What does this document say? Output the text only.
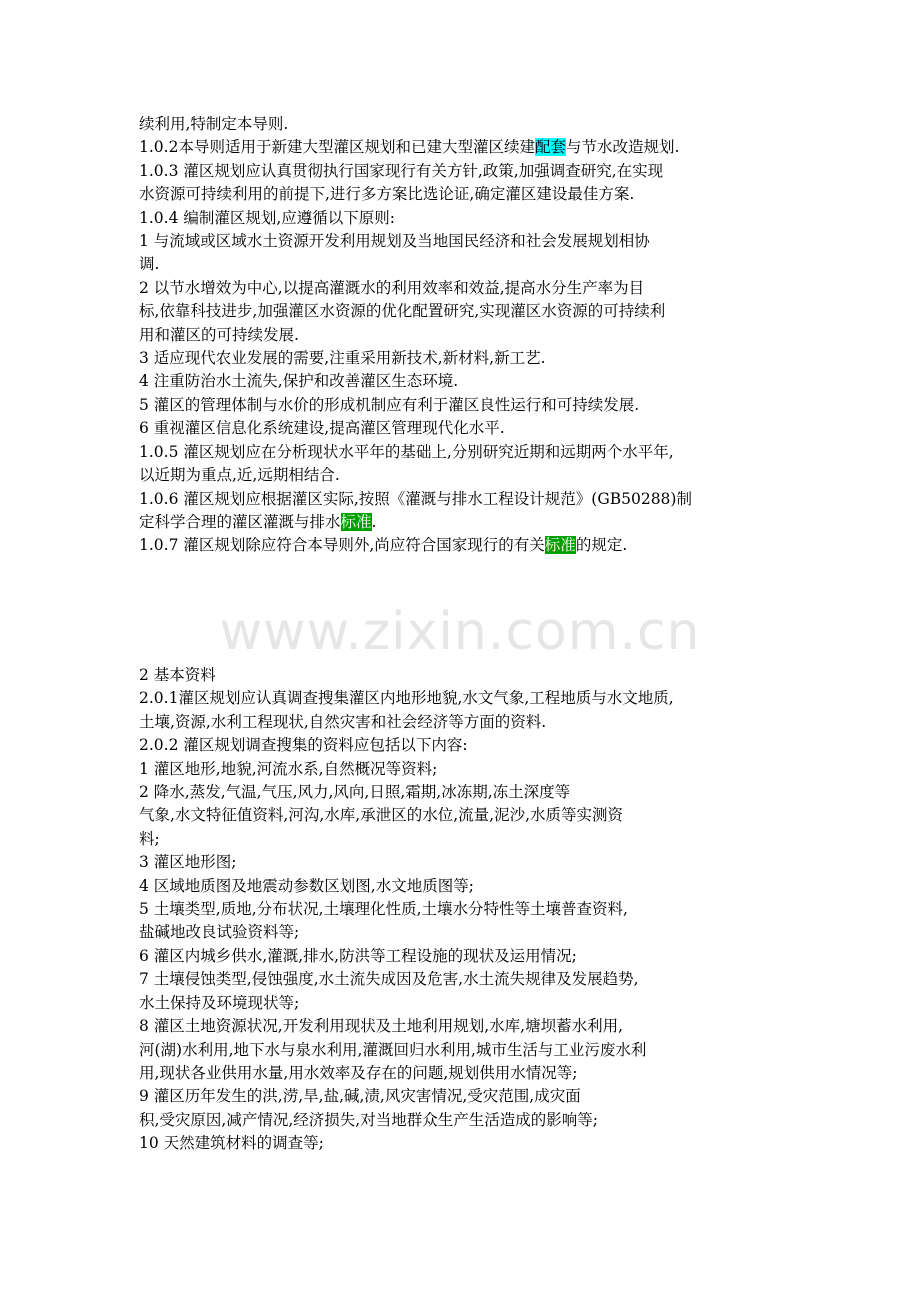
www.zixin.com.cn
续利用,特制定本导则.
1.0.2本导则适用于新建大型灌区规划和已建大型灌区续建配套与节水改造规划.
1.0.3 灌区规划应认真贯彻执行国家现行有关方针,政策,加强调查研究,在实现
水资源可持续利用的前提下,进行多方案比选论证,确定灌区建设最佳方案.
1.0.4 编制灌区规划,应遵循以下原则:
1 与流域或区域水土资源开发利用规划及当地国民经济和社会发展规划相协
调.
2 以节水增效为中心,以提高灌溉水的利用效率和效益,提高水分生产率为目
标,依靠科技进步,加强灌区水资源的优化配置研究,实现灌区水资源的可持续利
用和灌区的可持续发展.
3 适应现代农业发展的需要,注重采用新技术,新材料,新工艺.
4 注重防治水土流失,保护和改善灌区生态环境.
5 灌区的管理体制与水价的形成机制应有利于灌区良性运行和可持续发展.
6 重视灌区信息化系统建设,提高灌区管理现代化水平.
1.0.5 灌区规划应在分析现状水平年的基础上,分别研究近期和远期两个水平年,
以近期为重点,近,远期相结合.
1.0.6 灌区规划应根据灌区实际,按照《灌溉与排水工程设计规范》(GB50288)制
定科学合理的灌区灌溉与排水标准.
1.0.7 灌区规划除应符合本导则外,尚应符合国家现行的有关标准的规定.
2 基本资料
2.0.1灌区规划应认真调查搜集灌区内地形地貌,水文气象,工程地质与水文地质,
土壤,资源,水利工程现状,自然灾害和社会经济等方面的资料.
2.0.2 灌区规划调查搜集的资料应包括以下内容:
1 灌区地形,地貌,河流水系,自然概况等资料;
2 降水,蒸发,气温,气压,风力,风向,日照,霜期,冰冻期,冻土深度等
气象,水文特征值资料,河沟,水库,承泄区的水位,流量,泥沙,水质等实测资
料;
3 灌区地形图;
4 区域地质图及地震动参数区划图,水文地质图等;
5 土壤类型,质地,分布状况,土壤理化性质,土壤水分特性等土壤普查资料,
盐碱地改良试验资料等;
6 灌区内城乡供水,灌溉,排水,防洪等工程设施的现状及运用情况;
7 土壤侵蚀类型,侵蚀强度,水土流失成因及危害,水土流失规律及发展趋势,
水土保持及环境现状等;
8 灌区土地资源状况,开发利用现状及土地利用规划,水库,塘坝蓄水利用,
河(湖)水利用,地下水与泉水利用,灌溉回归水利用,城市生活与工业污废水利
用,现状各业供用水量,用水效率及存在的问题,规划供用水情况等;
9 灌区历年发生的洪,涝,旱,盐,碱,渍,风灾害情况,受灾范围,成灾面
积,受灾原因,减产情况,经济损失,对当地群众生产生活造成的影响等;
10 天然建筑材料的调查等;
